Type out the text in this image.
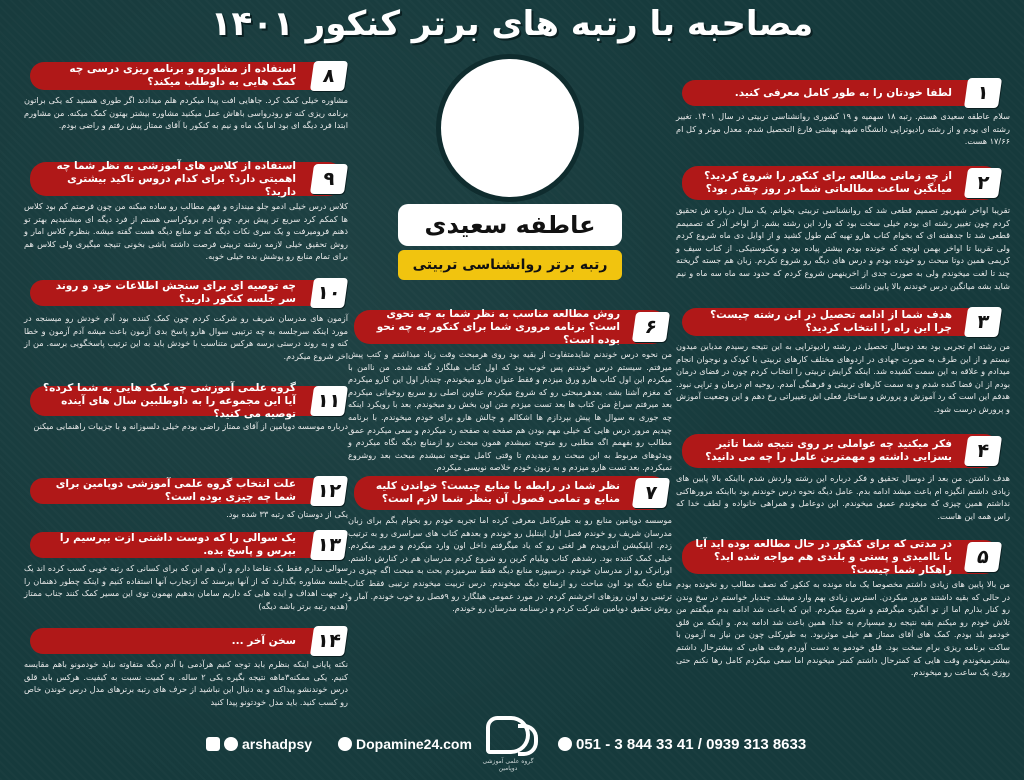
مصاحبه با رتبه های برتر کنکور ۱۴۰۱
عاطفه سعیدی
رتبه برتر روانشناسی تربیتی
لطفا خودتان را به طور کامل معرفی کنید.	۱
سلام عاطفه سعیدی هستم. رتبه ۱۸ سهمیه و ۱۹ کشوری روانشناسی تربیتی در سال ۱۴۰۱. تغییر رشته ای بودم و از رشته رادیوتراپی دانشگاه شهید بهشتی فارغ التحصیل شدم. معدل موثر و کل ام ۱۷/۶۶ هست.
از چه زمانی مطالعه برای کنکور را شروع کردید؟ میانگین ساعت مطالعاتی شما در روز چقدر بود؟	۲
تقریبا اواخر شهریور تصمیم قطعی شد که روانشناسی تربیتی بخوانم. یک سال درباره ش تحقیق کردم چون تغییر رشته ای بودم خیلی سخت بود که وارد این رشته بشم. از اواخر آذر که تصمیمم قطعی شد تا جدهفته ای که بخوام کتاب هارو تهیه کنم طول کشید و از اوایل دی ماه شروع کردم ولی تقریبا تا اواخر بهمن اونچه که خونده بودم بیشتر پیاده بود و ویکتوستیکی. از کتاب سیف و کریمی همین دوتا مبحث رو خونده بودم و درس های دیگه رو شروع نکردم. زبان هم جسته گریخته چند تا لغت میخوندم ولی به صورت جدی از اخرینهمن شروع کردم که حدود سه ماه سه ماه و نیم شاید بشه میانگین درس خوندنم بالا پایین داشت
هدف شما از ادامه تحصیل در این رشته چیست؟ چرا این راه را انتخاب کردید؟	۳
من رشته ام تجربی بود بعد دوسال تحصیل در رشته رادیوتراپی به این نتیجه رسیدم مدیاین میدون نیستم و از این طرف به صورت جهادی در اردوهای مختلف کارهای تربیتی با کودک و نوجوان انجام میدادم و علاقه به این سمت کشیده شد. اینکه گرایش تربیتی را انتخاب کردم چون در فضای درمان بودم از ان فضا کنده شدم و به سمت کارهای تربیتی و فرهنگی آمدم. روحیه ام درمان و تراپی نبود. هدفم این است که رد آموزش و پرورش و ساختار فعلی اش تغییراتی رخ دهم و این وضعیت آموزش و پرورش درست شود.
فکر میکنید چه عواملی بر روی نتیجه شما تاثیر بسزایی داشته و مهمترین عامل را چه می دانید؟	۴
هدف داشتن. من بعد از دوسال تحقیق و فکر درباره این رشته واردش شدم بااینکه بالا پایین های زیادی داشتم انگیزه ام باعث میشد ادامه بدم. عامل دیگه نحوه درس خوندنم بود بااینکه مرورهاکنی نداشتم همین چیزی که میخوندم عمیق میخوندم. این دوعامل و همراهی خانواده و لطف خدا که راس همه این هاست.
در مدتی که برای کنکور در حال مطالعه بوده اید آیا با ناامیدی و پستی و بلندی هم مواجه شده اید؟ راهکار شما چیست؟
۵
من بالا پایین های زیادی داشتم مخصوصا یک ماه مونده به کنکور که نصف مطالب رو نخونده بودم در حالی که بقیه داشتند مرور میکردن. استرس زیادی بهم وارد میشد. چندبار خواستم در سخ وندن رو کنار بذارم اما از تو انگیزه میگرفتم و شروع میکردم. این که باعث شد ادامه بدم میگفتم من تلاش خودم رو میکنم بقیه نتیجه رو میسپارم به خدا. همین باعث شد ادامه بدم. و اینکه من قلق خودمو بلد بودم. کمک های آقای ممتاز هم خیلی موثربود. به طورکلی چون من نیاز به آزمون با ساکت برنامه ریزی برام سخت بود. قلق خودمو به دست آوردم وقت هایی که بیشترحال داشتم بیشترمیخوندم وقت هایی که کمترحال داشتم کمتر میخوندم اما سعی میکردم کامل رها نکنم حتی روزی یک ساعت رو میخوندم.
روش مطالعه مناسب به نظر شما به چه نحوی است؟ برنامه مروری شما برای کنکور به چه نحو بوده است؟
۶
من نحوه درس خوندنم شایدمتفاوت از بقیه بود روی هرمبحث وقت زیاد میذاشتم و کتب پیش میرفتم. سیستم درس خوندنم پس خوب بود که اول کتاب هیلگارد گفته شده. من ناامن با میکردم این اول کتاب هارو ورق میزدم و فقط عنوان هارو میخوندم. چندبار اول این کارو میکردم که مغزم آشنا بشه. بعدهرمبحثی رو که شروع میکردم عناوین اصلی رو سریع روخوانی میکردم بعد میرفتم سراغ متن کتاب ها بعد تست میزدم متن اون بخش رو میخوندم. بعد با رویکرد اینکه چه جوری به سوال ها پیش بپردازم ها اشکالم و چالش هارو برای خودم میخوندم. با برنامه چیدیم مرور درس هایی که خیلی مهم بودن هم صفحه به صفحه رد میکردم و سعی میکردم عمق مطالب رو بفهمم اگه مطلبی رو متوجه نمیشدم همون مبحث رو ازمنابع دیگه نگاه میکردم و ویدئوهای مربوط به این مبحث رو میدیدم تا وقتی کامل متوجه نمیشدم مبحث بعد روشروع نمیکردم. بعد تست هارو میزدم و به زبون خودم خلاصه نویسی میکردم.
نظر شما در رابطه با منابع چیست؟ خواندن کلیه منابع و تمامی فصول آن بنظر شما لازم است؟	۷
موسسه دوپامین منابع رو به طورکامل معرفی کرده اما تجربه خودم رو بخوام بگم برای زبان مدرسان شریف رو خوندم فصل اول اینتلیل رو خوندم و بعدهم کتاب های سراسری رو به ترتیب زدم. اپلیکیشن آندرویدم هر لغتی رو که یاد میگرفتم داخل اون وارد میکردم و مرور میکردم. خیلی کمک کننده بود. رشدهم کتاب ویلیام کرین رو شروع کردم مدرسان هم در کنارش داشتم. اورانرک رو از مدرسان خوندم. درسپوزه منابع دیگه فقط سرمیزدم بحث به مبحث اگه چیزی در منابع دیگه بود اون مباحث رو ازمنابع دیگه میخوندم. درس تربیت میخوندم ترتیبی فقط کتاب ترتیبی رو اون روزهای اخرشنم کردم. در مورد عمومی هیلگارد رو ۹فصل رو خوب خوندم. آمار و روش تحقیق دوپامین شرکت کردم و درسنامه مدرسان رو خوندم.
استفاده از مشاوره و برنامه ریزی درسی چه کمک هایی به داوطلب میکند؟	۸
مشاوره خیلی کمک کرد. جاهایی افت پیدا میکردم هلم میدادند اگر طوری هستید که یکی براتون برنامه ریزی کنه تو رودرواسی باهاش عمل میکنید مشاوره بیشتر بهتون کمک میکنه. من مشاورم ابتدا فرد دیگه ای بود اما یک ماه و نیم به کنکور با آقای ممتاز پیش رفتم و راضی بودم.
استفاده از کلاس های آموزشی به نظر شما چه اهمیتی دارد؟ برای کدام دروس تاکید بیشتری دارید؟
۹
کلاس درس خیلی ادمو جلو میندازه و فهم مطالب رو ساده میکنه من چون فرصتم کم بود کلاس ها کمکم کرد سریع تر پیش برم. چون ادم بروکراسی هستم از فرد دیگه ای میشنیدیم بهتر تو ذهنم فرومیرفت و یک سری نکات دیگه که تو منابع دیگه هست گفته میشه. بنظرم کلاس امار و روش تحقیق خیلی لازمه رشته تربیتی فرصت داشته باشی بخونی تنیجه میگیری ولی کلاس هم برای تمام منابع رو پوشش بده خیلی خوبه.
چه توصیه ای برای سنجش اطلاعات خود و روند سر جلسه کنکور دارید؟	۱۰
آزمون های مدرسان شریف رو شرکت کردم چون کمک کننده بود آدم خودش رو میسنجه در مورد اینکه سرجلسه به چه ترتیبی سوال هارو پاسخ بدی آزمون باعث میشه آدم آزمون و خطا کنه و به روند درستی برسه هرکس متناسب با خودش باید به این ترتیب پاسخگویی برسه. من از اخر شروع میکردم.
گروه علمی آموزشی چه کمک هایی به شما کرده؟ آیا این مجموعه را به داوطلبین سال های آینده توصیه می کنید؟
۱۱
درباره موسسه دوپامین از آقای ممتاز راضی بودم خیلی دلسوزانه و با جزییات راهنمایی میکنن
علت انتخاب گروه علمی آموزشی دوپامین برای شما چه چیزی بوده است؟	۱۲
یکی از دوستان که رتبه ۳۳ شده بود.
یک سوالی را که دوست داشتی ازت بپرسیم را بپرس و پاسخ بده.	۱۳
سوالی ندارم فقط یک تقاضا دارم و آن هم این که برای کسانی که رتبه خوبی کسب کرده اند یک جلسه مشاوره بگذارند که از آنها بپرسند که ازتجارب آنها استفاده کنیم و اینکه چطور ذهنمان را در جهت اهداف و ایده هایی که داریم سامان بدهیم بهمون توی این مسیر کمک کنند جناب ممتاز (هدیه رتبه برتر باشه دیگه)
سخن آخر ...	۱۴
نکته پایانی اینکه بنظرم باید توجه کنیم هرآدمی با آدم دیگه متفاوته نباید خودمونو باهم مقایسه کنیم. یکی ممکنه۳ماهه نتیجه بگیره یکی ۲ ساله. به کمیت نسبت به کیفیت. هرکس باید قلق درس خوندنشو پیداکنه و به دنبال این نباشید از حرف های رتبه برترهای مدل درس خوندن خاص رو کسب کنید. باید مدل خودتونو پیدا کنید
arshadpsy	Dopamine24.com
گروه علمی آموزشی دوپامین
051 - 3 844 33 41 / 0939 313 8633
